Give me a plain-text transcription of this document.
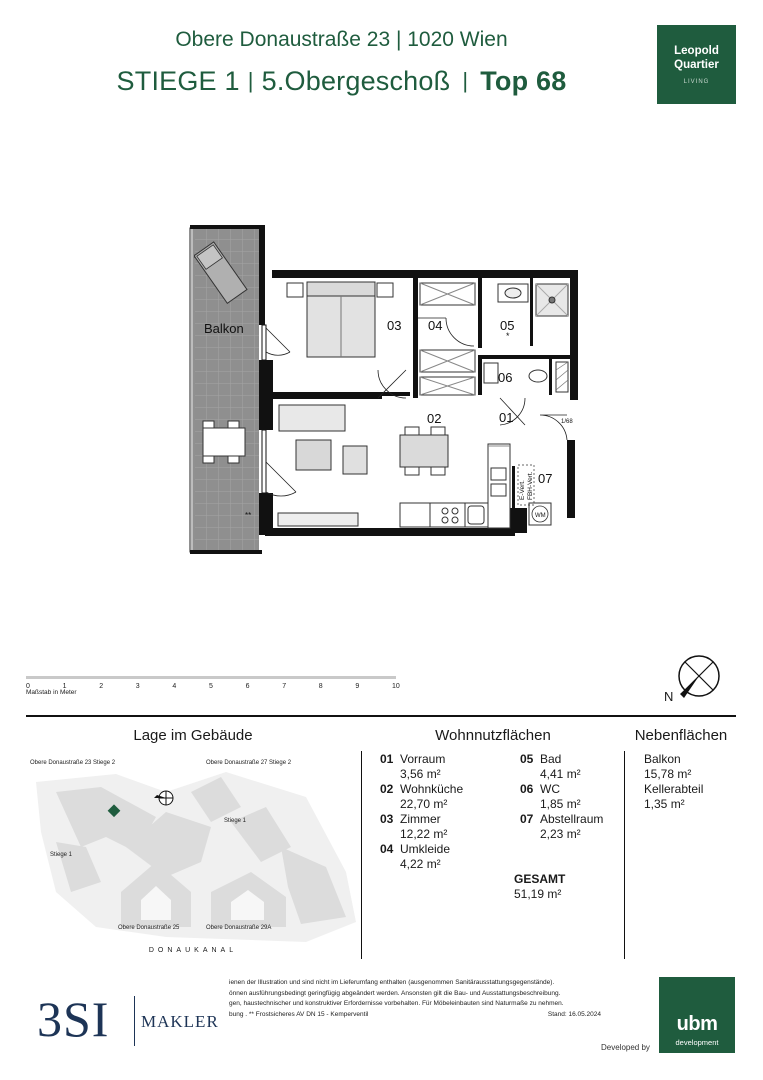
Obere Donaustraße 23 | 1020 Wien
STIEGE 1 | 5.Obergeschoß | Top 68
Leopold
Quartier
LIVING
Balkon	03 04	05
*
06
02	01
07
1/68
WM
**
E-Vert. FBH-Vert.
0	1	2	3	4	5	6	7	8	9	10
Maßstab in Meter	N
Lage im Gebäude	Wohnnutzflächen	Nebenflächen
Obere Donaustraße 23 Stiege 2	Obere Donaustraße 27 Stiege 2
Stiege 1
Stiege 1
Obere Donaustraße 25	Obere Donaustraße 29A
DONAUKANAL
01 Vorraum
3,56 m²
02 Wohnküche
22,70 m²
03 Zimmer
12,22 m²
04 Umkleide
4,22 m²
05 Bad
4,41 m²
06 WC
1,85 m²
07 Abstellraum
2,23 m²
GESAMT
51,19 m²
Balkon
15,78 m²
Kellerabteil
1,35 m²
3SI MAKLER
ienen der Illustration und sind nicht im Lieferumfang enthalten (ausgenommen Sanitärausstattungsgegenstände).
önnen ausführungsbedingt geringfügig abgeändert werden. Ansonsten gilt die Bau- und Ausstattungsbeschreibung.
gen, haustechnischer und konstruktiver Erfordernisse vorbehalten. Für Möbeleinbauten sind Naturmaße zu nehmen.
bung . ** Frostsicheres AV DN 15 - Kemperventil	Stand: 16.05.2024
Developed by
ubm
development
